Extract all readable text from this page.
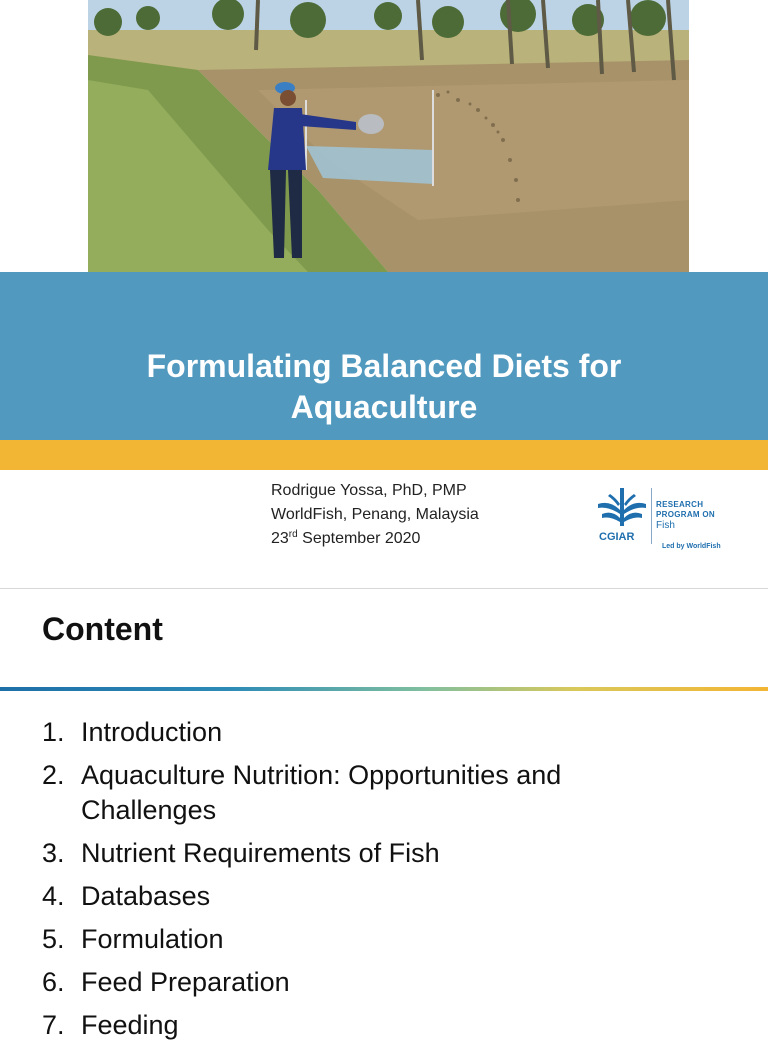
Formulating Balanced Diets for Aquaculture
Rodrigue Yossa, PhD, PMP
WorldFish, Penang, Malaysia
23rd September 2020
RESEARCH
PROGRAM ON
Fish
CGIAR
Led by WorldFish
Content
1. Introduction
2. Aquaculture Nutrition: Opportunities and Challenges
3. Nutrient Requirements of Fish
4. Databases
5. Formulation
6. Feed Preparation
7. Feeding
